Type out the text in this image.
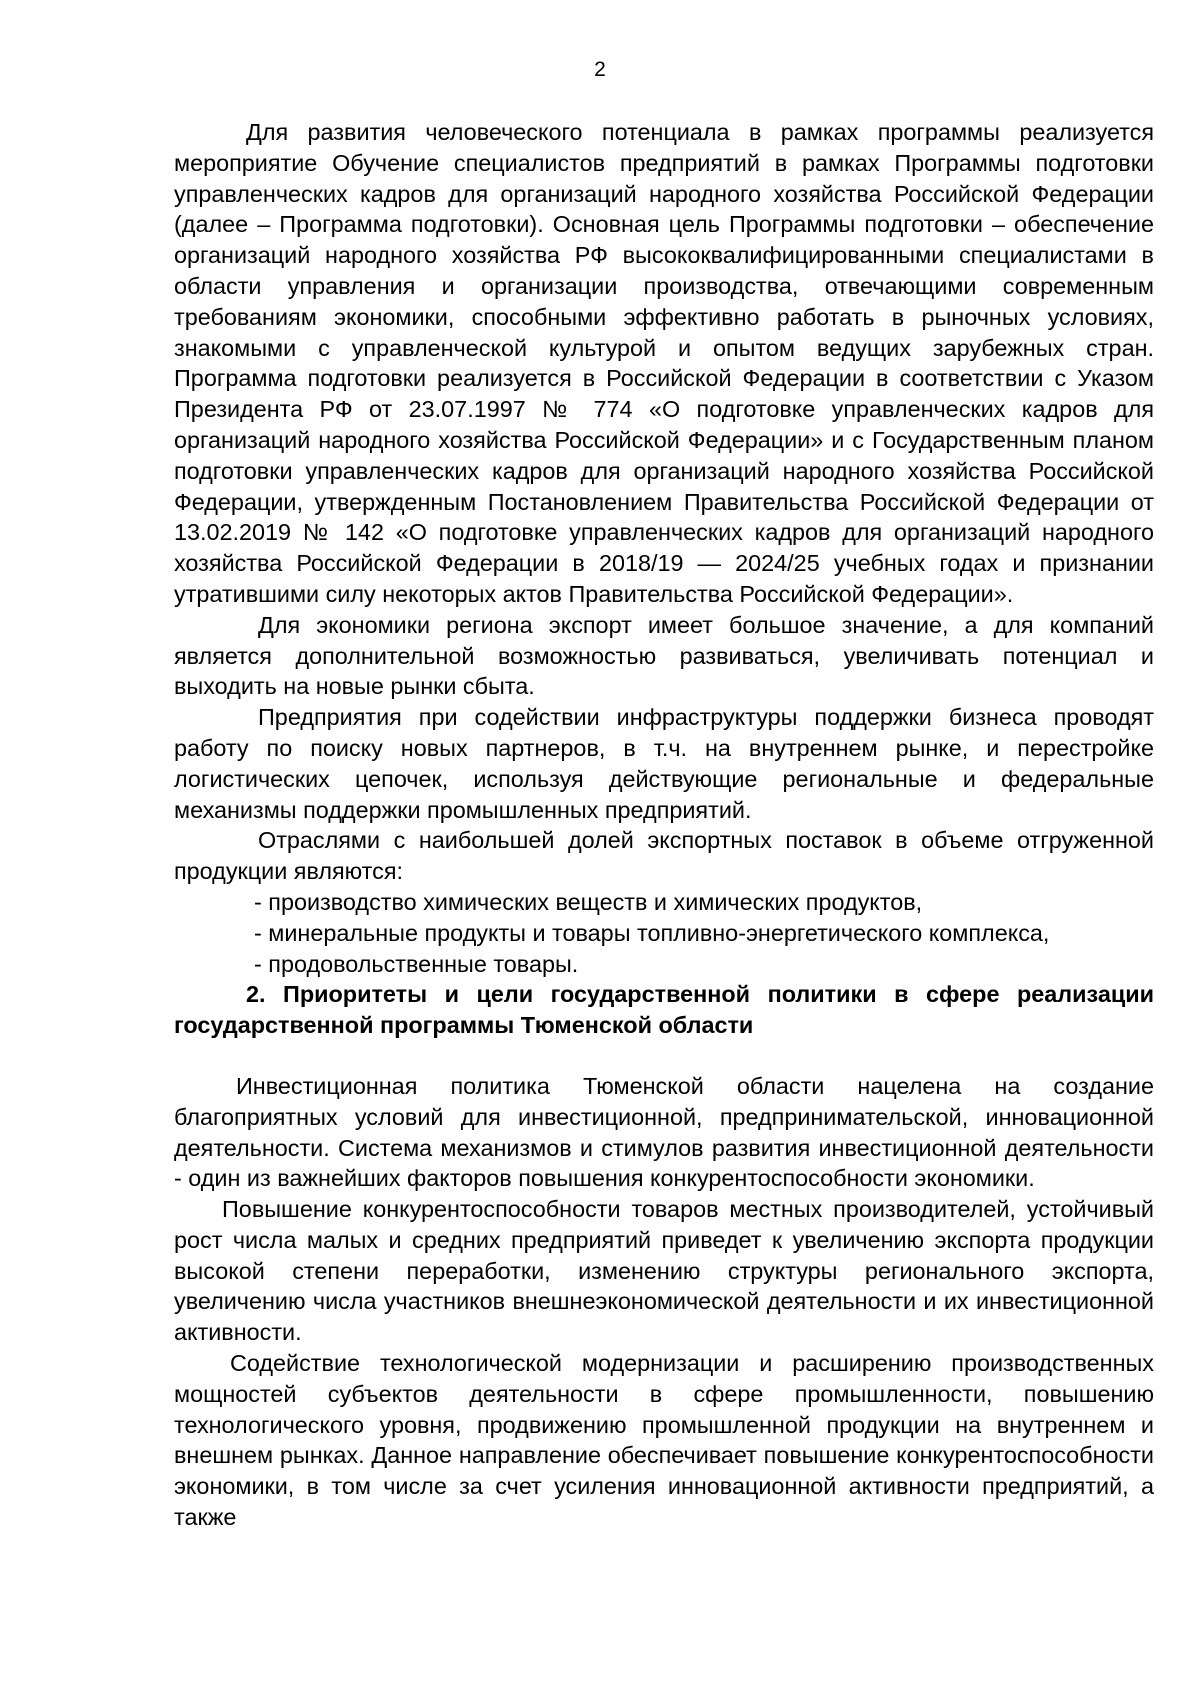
2

Для развития человеческого потенциала в рамках программы реализуется мероприятие Обучение специалистов предприятий в рамках Программы подготовки управленческих кадров для организаций народного хозяйства Российской Федерации (далее – Программа подготовки). Основная цель Программы подготовки – обеспечение организаций народного хозяйства РФ высококвалифицированными специалистами в области управления и организации производства, отвечающими современным требованиям экономики, способными эффективно работать в рыночных условиях, знакомыми с управленческой культурой и опытом ведущих зарубежных стран. Программа подготовки реализуется в Российской Федерации в соответствии с Указом Президента РФ от 23.07.1997 № 774 «О подготовке управленческих кадров для организаций народного хозяйства Российской Федерации» и с Государственным планом подготовки управленческих кадров для организаций народного хозяйства Российской Федерации, утвержденным Постановлением Правительства Российской Федерации от 13.02.2019 № 142 «О подготовке управленческих кадров для организаций народного хозяйства Российской Федерации в 2018/19 — 2024/25 учебных годах и признании утратившими силу некоторых актов Правительства Российской Федерации».

Для экономики региона экспорт имеет большое значение, а для компаний является дополнительной возможностью развиваться, увеличивать потенциал и выходить на новые рынки сбыта.

Предприятия при содействии инфраструктуры поддержки бизнеса проводят работу по поиску новых партнеров, в т.ч. на внутреннем рынке, и перестройке логистических цепочек, используя действующие региональные и федеральные механизмы поддержки промышленных предприятий.

Отраслями с наибольшей долей экспортных поставок в объеме отгруженной продукции являются:

- производство химических веществ и химических продуктов,

- минеральные продукты и товары топливно-энергетического комплекса,

- продовольственные товары.

2. Приоритеты и цели государственной политики в сфере реализации государственной программы Тюменской области

Инвестиционная политика Тюменской области нацелена на создание благоприятных условий для инвестиционной, предпринимательской, инновационной деятельности. Система механизмов и стимулов развития инвестиционной деятельности - один из важнейших факторов повышения конкурентоспособности экономики.

Повышение конкурентоспособности товаров местных производителей, устойчивый рост числа малых и средних предприятий приведет к увеличению экспорта продукции высокой степени переработки, изменению структуры регионального экспорта, увеличению числа участников внешнеэкономической деятельности и их инвестиционной активности.

Содействие технологической модернизации и расширению производственных мощностей субъектов деятельности в сфере промышленности, повышению технологического уровня, продвижению промышленной продукции на внутреннем и внешнем рынках. Данное направление обеспечивает повышение конкурентоспособности экономики, в том числе за счет усиления инновационной активности предприятий, а также
